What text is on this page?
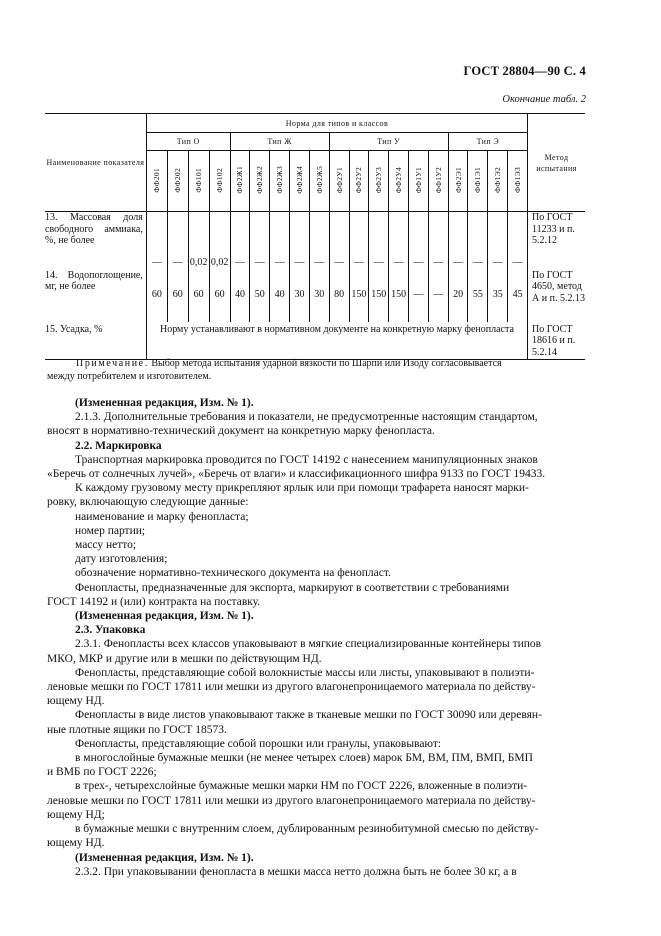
ГОСТ 28804—90 С. 4
Окончание табл. 2
Наименование показателя	Норма для типов и классов																			Метод испытания
	Тип О				Тип Ж					Тип У						Тип Э				
	ФФ201	ФФ202	ФФ101	ФФ102	ФФ2Ж1	ФФ2Ж2	ФФ2Ж3	ФФ2Ж4	ФФ2Ж5	ФФ2У1	ФФ2У2	ФФ2У3	ФФ2У4	ФФ1У1	ФФ1У2	ФФ2Э1	ФФ1Э1	ФФ1Э2	ФФ1Э3	
13. Массовая доля свободного аммиака, %, не более	—	—	0,02	0,02	—	—	—	—	—	—	—	—	—	—	—	—	—	—	—	По ГОСТ 11233 и п. 5.2.12
14. Водопоглощение, мг, не более	60	60	60	60	40	50	40	30	30	80	150	150	150	—	—	20	55	35	45	По ГОСТ 4650, метод А и п. 5.2.13
15. Усадка, %	Норму устанавливают в нормативном документе на конкретную марку фенопласта																			По ГОСТ 18616 и п. 5.2.14
Примечание. Выбор метода испытания ударной вязкости по Шарпи или Изоду согласовывается
между потребителем и изготовителем.

(Измененная редакция, Изм. № 1).

2.1.3. Дополнительные требования и показатели, не предусмотренные настоящим стандартом,

вносят в нормативно-технический документ на конкретную марку фенопласта.

2.2. Маркировка

Транспортная маркировка проводится по ГОСТ 14192 с нанесением манипуляционных знаков

«Беречь от солнечных лучей», «Беречь от влаги» и классификационного шифра 9133 по ГОСТ 19433.

К каждому грузовому месту прикрепляют ярлык или при помощи трафарета наносят марки-

ровку, включающую следующие данные:

наименование и марку фенопласта;

номер партии;

массу нетто;

дату изготовления;

обозначение нормативно-технического документа на фенопласт.

Фенопласты, предназначенные для экспорта, маркируют в соответствии с требованиями

ГОСТ 14192 и (или) контракта на поставку.

(Измененная редакция, Изм. № 1).

2.3. Упаковка

2.3.1. Фенопласты всех классов упаковывают в мягкие специализированные контейнеры типов

МКО, МКР и другие или в мешки по действующим НД.

Фенопласты, представляющие собой волокнистые массы или листы, упаковывают в полиэти-

леновые мешки по ГОСТ 17811 или мешки из другого влагонепроницаемого материала по действу-

ющему НД.

Фенопласты в виде листов упаковывают также в тканевые мешки по ГОСТ 30090 или деревян-

ные плотные ящики по ГОСТ 18573.

Фенопласты, представляющие собой порошки или гранулы, упаковывают:

в многослойные бумажные мешки (не менее четырех слоев) марок БМ, ВМ, ПМ, ВМП, БМП

и ВМБ по ГОСТ 2226;

в трех-, четырехслойные бумажные мешки марки НМ по ГОСТ 2226, вложенные в полиэти-

леновые мешки по ГОСТ 17811 или мешки из другого влагонепроницаемого материала по действу-

ющему НД;

в бумажные мешки с внутренним слоем, дублированным резинобитумной смесью по действу-

ющему НД.

(Измененная редакция, Изм. № 1).

2.3.2. При упаковывании фенопласта в мешки масса нетто должна быть не более 30 кг, а в
